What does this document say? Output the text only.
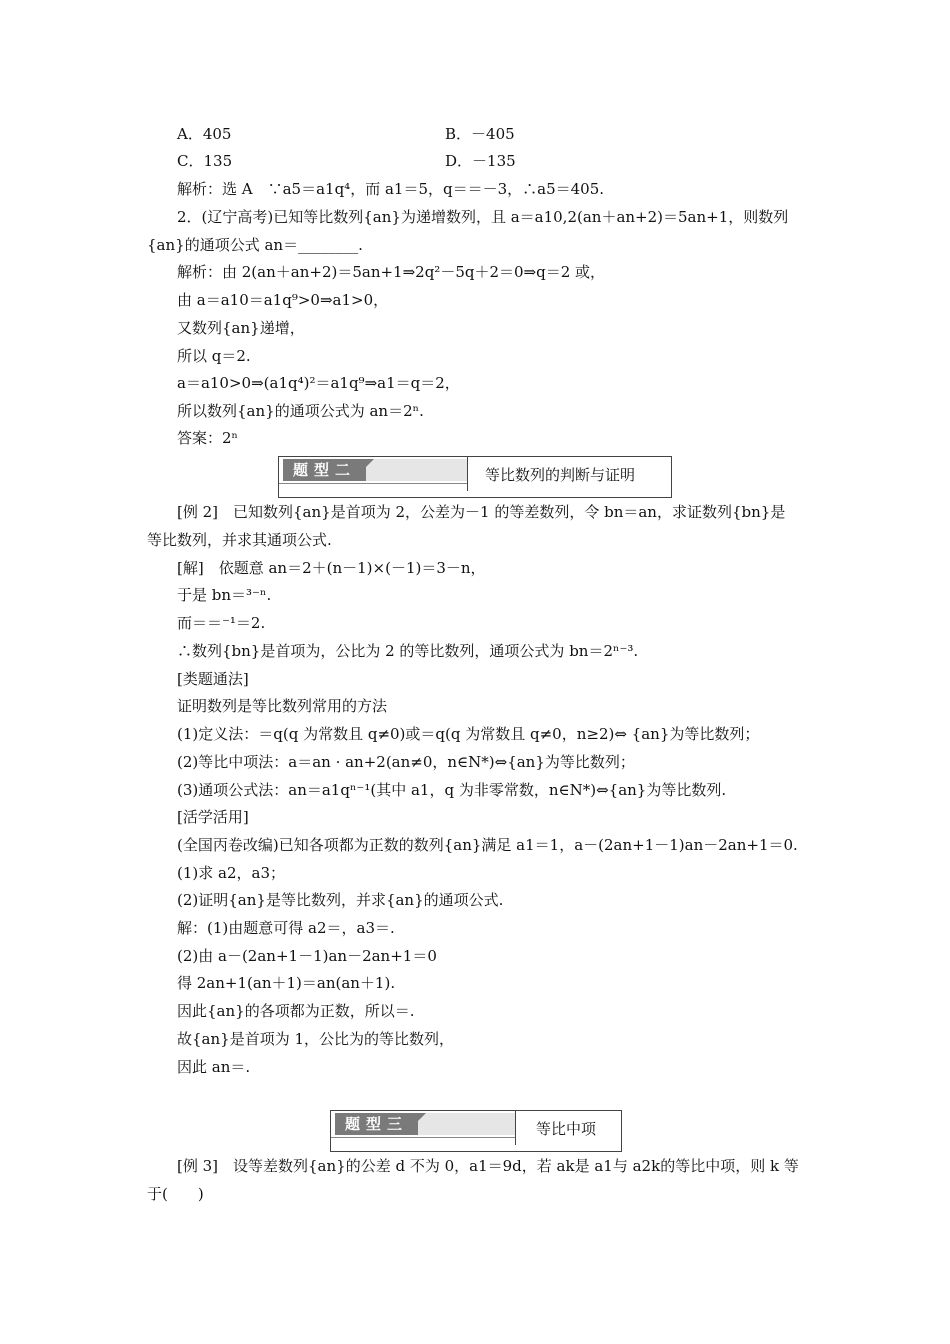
A．405	B．－405
C．135	D．－135
解析：选 A　∵a5＝a1q⁴，而 a1＝5，q＝＝－3，∴a5＝405.
2．(辽宁高考)已知等比数列{an}为递增数列，且 a＝a10,2(an＋an+2)＝5an+1，则数列
{an}的通项公式 an＝________.
解析：由 2(an＋an+2)＝5an+1⇒2q²－5q＋2＝0⇒q＝2 或，
由 a＝a10＝a1q⁹>0⇒a1>0，
又数列{an}递增，
所以 q＝2.
a＝a10>0⇒(a1q⁴)²＝a1q⁹⇒a1＝q＝2，
所以数列{an}的通项公式为 an＝2ⁿ.
答案：2ⁿ
题型二	等比数列的判断与证明
[例 2]　已知数列{an}是首项为 2，公差为－1 的等差数列，令 bn＝an，求证数列{bn}是
等比数列，并求其通项公式.
[解]　依题意 an＝2＋(n－1)×(－1)＝3－n，
于是 bn＝³⁻ⁿ.
而＝＝⁻¹＝2.
∴数列{bn}是首项为，公比为 2 的等比数列，通项公式为 bn＝2ⁿ⁻³.
[类题通法]
证明数列是等比数列常用的方法
(1)定义法：＝q(q 为常数且 q≠0)或＝q(q 为常数且 q≠0，n≥2)⇔ {an}为等比数列；
(2)等比中项法：a＝an · an+2(an≠0，n∈N*)⇔{an}为等比数列；
(3)通项公式法：an＝a1qⁿ⁻¹(其中 a1，q 为非零常数，n∈N*)⇔{an}为等比数列.
[活学活用]
(全国丙卷改编)已知各项都为正数的数列{an}满足 a1＝1，a－(2an+1－1)an－2an+1＝0.
(1)求 a2，a3；
(2)证明{an}是等比数列，并求{an}的通项公式.
解：(1)由题意可得 a2＝，a3＝.
(2)由 a－(2an+1－1)an－2an+1＝0
得 2an+1(an＋1)＝an(an＋1).
因此{an}的各项都为正数，所以＝.
故{an}是首项为 1，公比为的等比数列，
因此 an＝.
题型三	等比中项
[例 3]　设等差数列{an}的公差 d 不为 0，a1＝9d，若 ak是 a1与 a2k的等比中项，则 k 等
于(　　)
